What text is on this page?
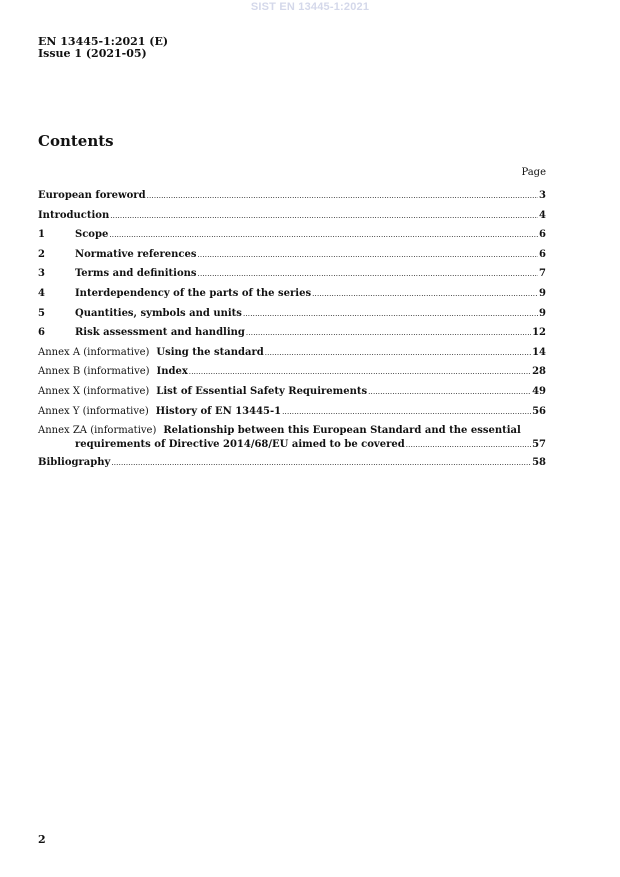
SIST EN 13445-1:2021
EN 13445-1:2021 (E)
Issue 1 (2021-05)
Contents
Page
European foreword .....	3
Introduction .....	4
1	Scope .....	6
2	Normative references .....	6
3	Terms and definitions .....	7
4	Interdependency of the parts of the series .....	9
5	Quantities, symbols and units .....	9
6	Risk assessment and handling .....	12
Annex A (informative) Using the standard .....	14
Annex B (informative) Index .....	28
Annex X (informative) List of Essential Safety Requirements .....	49
Annex Y (informative) History of EN 13445-1 .....	56
Annex ZA (informative) Relationship between this European Standard and the essential
requirements of Directive 2014/68/EU aimed to be covered .....	57
Bibliography .....	58
2
